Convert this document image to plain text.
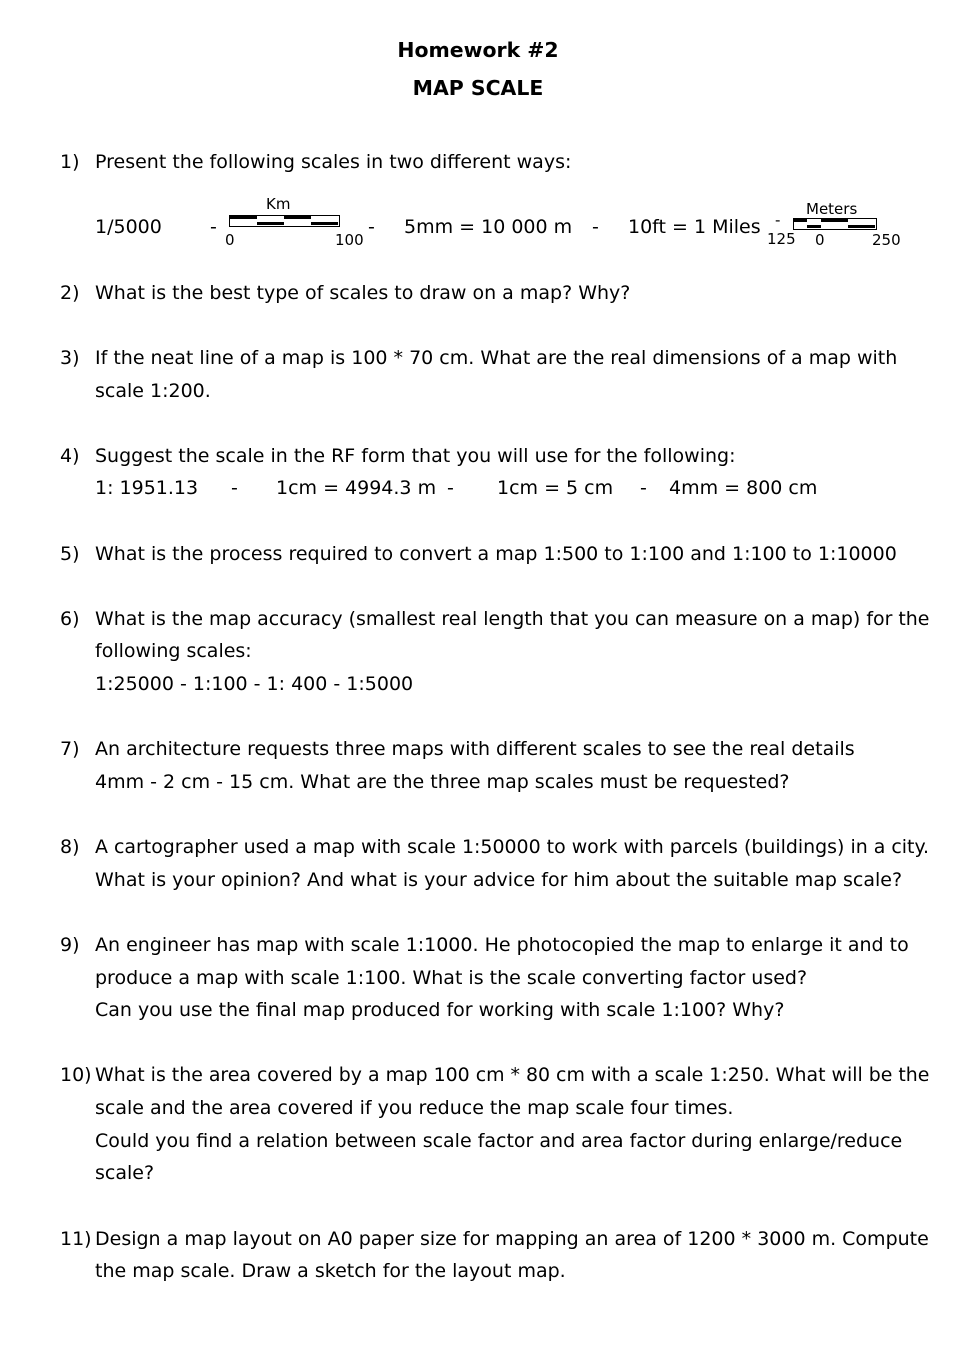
Homework #2
MAP SCALE
1) Present the following scales in two different ways:
1/5000	-
Km
0	100
- 5mm = 10 000 m - 10ft = 1 Miles -
Meters
125 0	250
2) What is the best type of scales to draw on a map? Why?
3) If the neat line of a map is 100 * 70 cm. What are the real dimensions of a map with
scale 1:200.
4) Suggest the scale in the RF form that you will use for the following:
1: 1951.13 - 1cm = 4994.3 m - 1cm = 5 cm - 4mm = 800 cm
5) What is the process required to convert a map 1:500 to 1:100 and 1:100 to 1:10000
6) What is the map accuracy (smallest real length that you can measure on a map) for the
following scales:
1:25000 - 1:100 - 1: 400 - 1:5000
7) An architecture requests three maps with different scales to see the real details
4mm - 2 cm - 15 cm. What are the three map scales must be requested?
8) A cartographer used a map with scale 1:50000 to work with parcels (buildings) in a city.
What is your opinion? And what is your advice for him about the suitable map scale?
9) An engineer has map with scale 1:1000. He photocopied the map to enlarge it and to
produce a map with scale 1:100. What is the scale converting factor used?
Can you use the final map produced for working with scale 1:100? Why?
10) What is the area covered by a map 100 cm * 80 cm with a scale 1:250. What will be the
scale and the area covered if you reduce the map scale four times.
Could you find a relation between scale factor and area factor during enlarge/reduce
scale?
11) Design a map layout on A0 paper size for mapping an area of 1200 * 3000 m. Compute
the map scale. Draw a sketch for the layout map.
